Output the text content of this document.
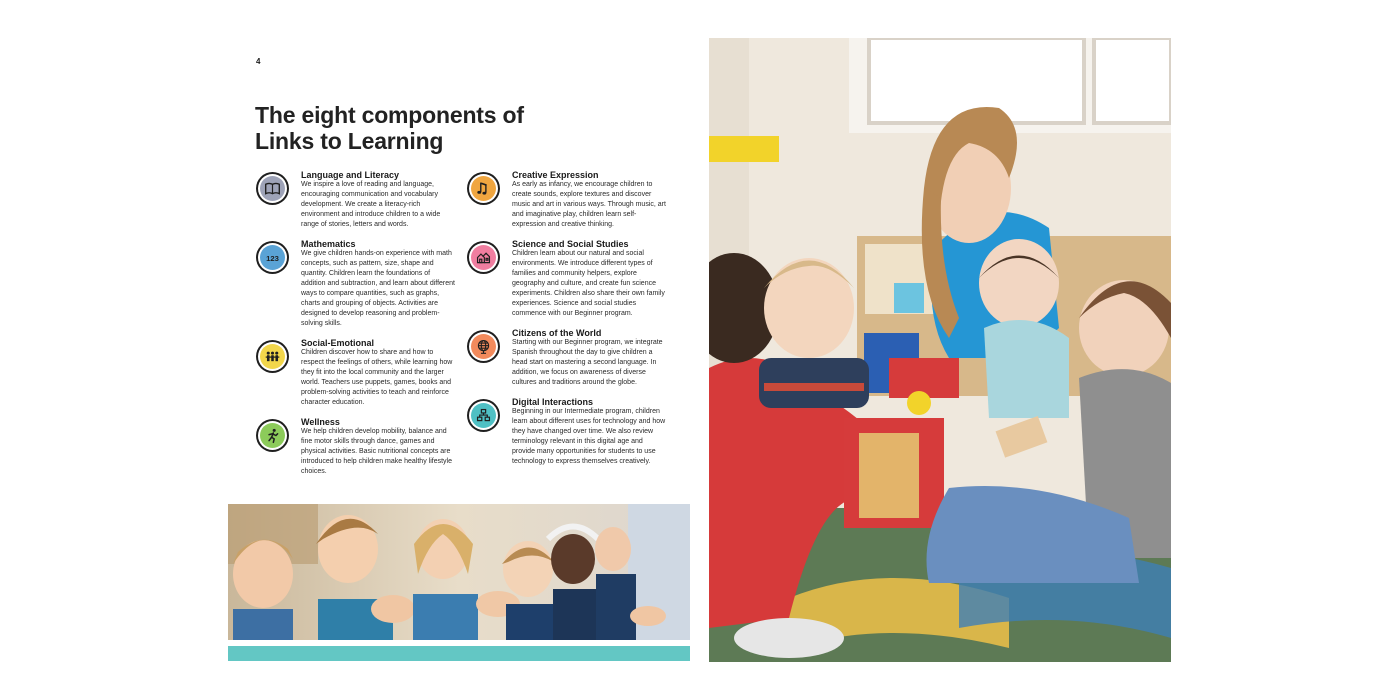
4
The eight components of Links to Learning

Language and Literacy

We inspire a love of reading and language, encouraging communication and vocabulary development. We create a literacy-rich environment and introduce children to a wide range of stories, letters and words.

123

Mathematics

We give children hands-on experience with math concepts, such as pattern, size, shape and quantity. Children learn the foundations of addition and subtraction, and learn about different ways to compare quantities, such as graphs, charts and grouping of objects. Activities are designed to develop reasoning and problem-solving skills.

Social-Emotional

Children discover how to share and how to respect the feelings of others, while learning how they fit into the local community and the larger world. Teachers use puppets, games, books and problem-solving activities to teach and reinforce character education.

Wellness

We help children develop mobility, balance and fine motor skills through dance, games and physical activities. Basic nutritional concepts are introduced to help children make healthy lifestyle choices.

Creative Expression

As early as infancy, we encourage children to create sounds, explore textures and discover music and art in various ways. Through music, art and imaginative play, children learn self-expression and creative thinking.

Science and Social Studies

Children learn about our natural and social environments. We introduce different types of families and community helpers, explore geography and culture, and create fun science experiments. Children also share their own family experiences. Science and social studies commence with our Beginner program.

Citizens of the World

Starting with our Beginner program, we integrate Spanish throughout the day to give children a head start on mastering a second language. In addition, we focus on awareness of diverse cultures and traditions around the globe.

Digital Interactions

Beginning in our Intermediate program, children learn about different uses for technology and how they have changed over time. We also review terminology relevant in this digital age and provide many opportunities for students to use technology to express themselves creatively.
